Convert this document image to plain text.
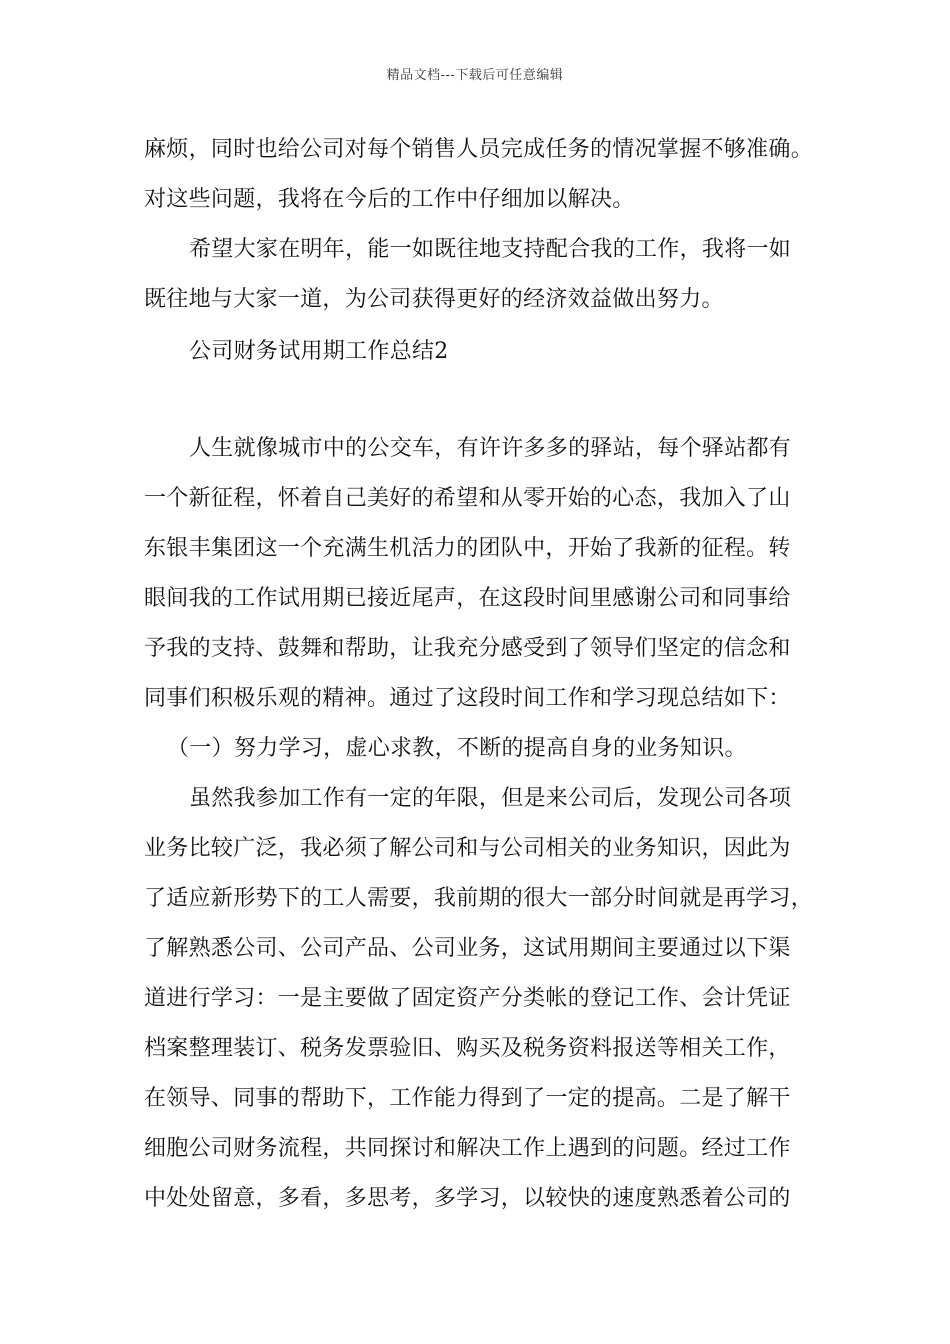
精品文档---下载后可任意编辑
麻烦，同时也给公司对每个销售人员完成任务的情况掌握不够准确。
对这些问题，我将在今后的工作中仔细加以解决。
希望大家在明年，能一如既往地支持配合我的工作，我将一如
既往地与大家一道，为公司获得更好的经济效益做出努力。
公司财务试用期工作总结2
人生就像城市中的公交车，有许许多多的驿站，每个驿站都有
一个新征程，怀着自己美好的希望和从零开始的心态，我加入了山
东银丰集团这一个充满生机活力的团队中，开始了我新的征程。转
眼间我的工作试用期已接近尾声，在这段时间里感谢公司和同事给
予我的支持、鼓舞和帮助，让我充分感受到了领导们坚定的信念和
同事们积极乐观的精神。通过了这段时间工作和学习现总结如下：
（一）努力学习，虚心求教，不断的提高自身的业务知识。
虽然我参加工作有一定的年限，但是来公司后，发现公司各项
业务比较广泛，我必须了解公司和与公司相关的业务知识，因此为
了适应新形势下的工人需要，我前期的很大一部分时间就是再学习，
了解熟悉公司、公司产品、公司业务，这试用期间主要通过以下渠
道进行学习：一是主要做了固定资产分类帐的登记工作、会计凭证
档案整理装订、税务发票验旧、购买及税务资料报送等相关工作，
在领导、同事的帮助下，工作能力得到了一定的提高。二是了解干
细胞公司财务流程，共同探讨和解决工作上遇到的问题。经过工作
中处处留意，多看，多思考，多学习，以较快的速度熟悉着公司的
